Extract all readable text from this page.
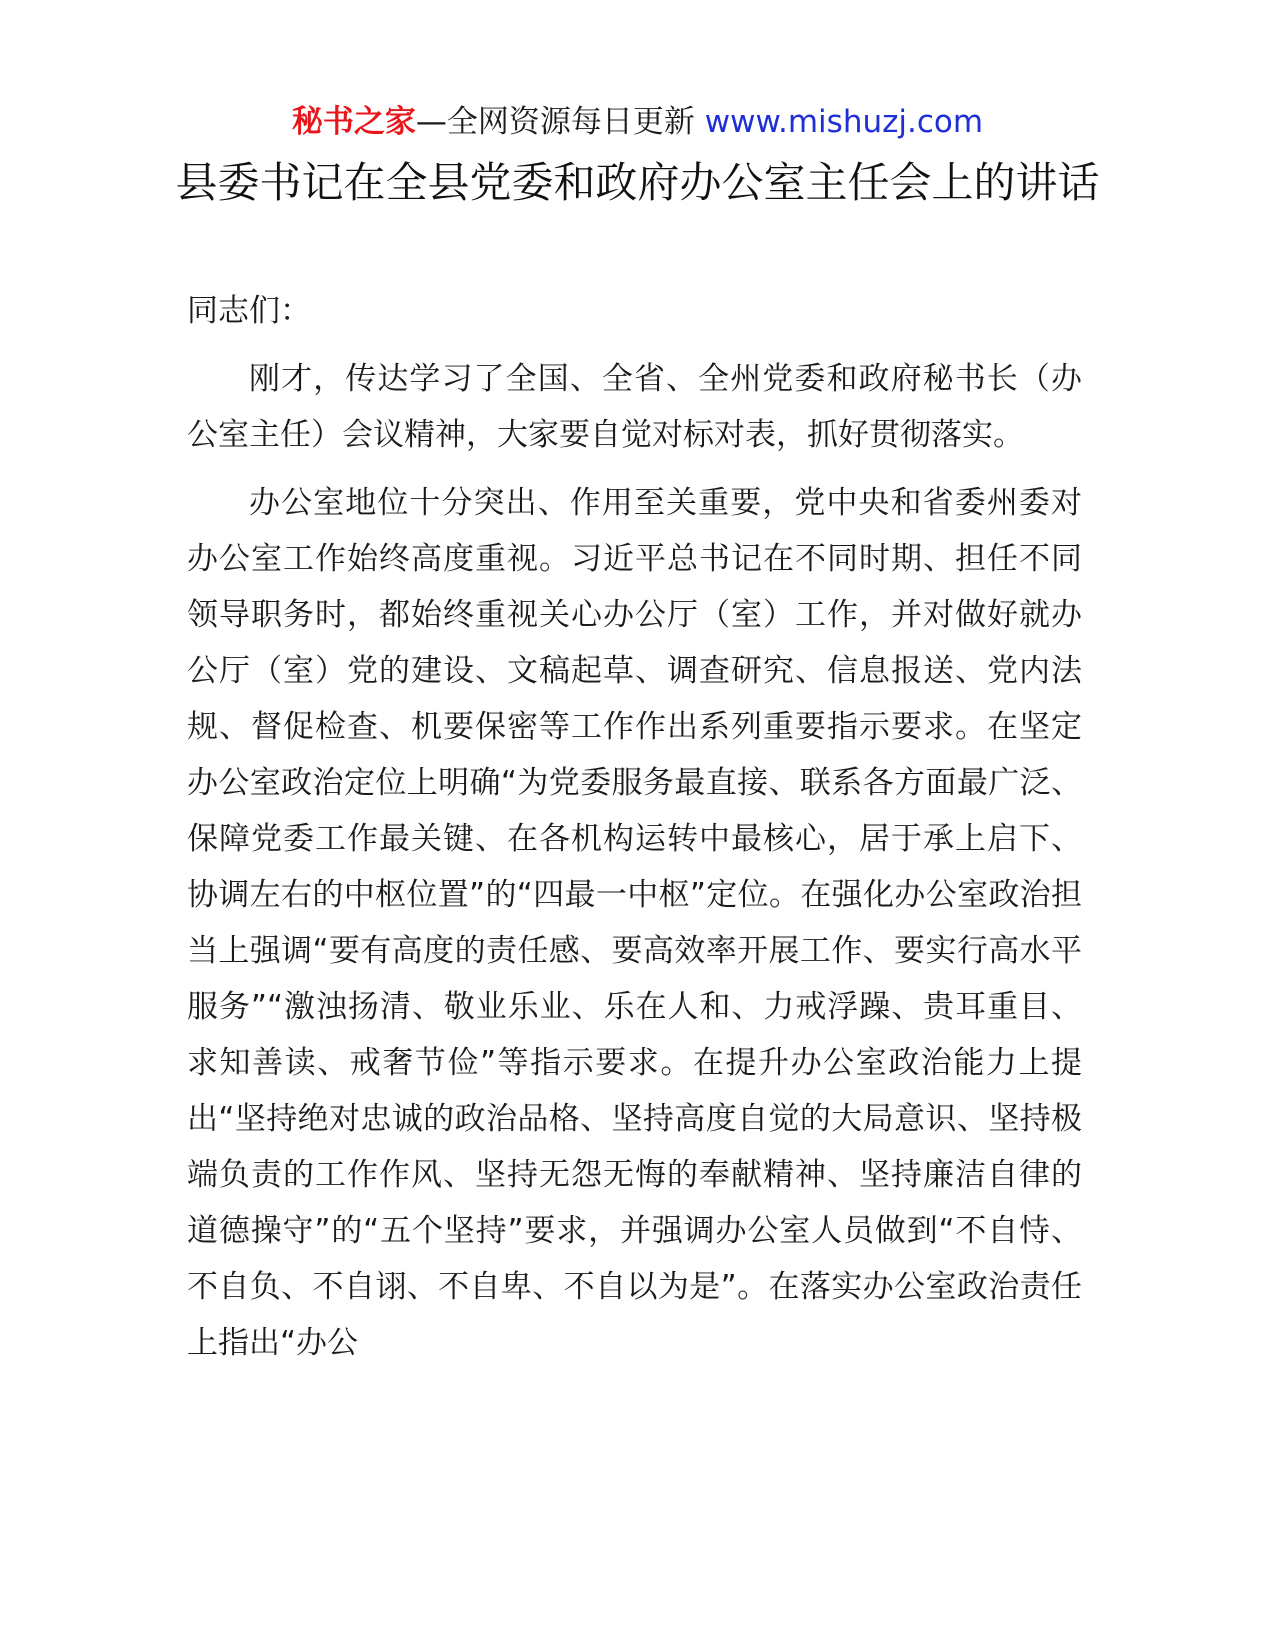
秘书之家—全网资源每日更新 www.mishuzj.com
县委书记在全县党委和政府办公室主任会上的讲话

同志们：

刚才，传达学习了全国、全省、全州党委和政府秘书长（办公室主任）会议精神，大家要自觉对标对表，抓好贯彻落实。

办公室地位十分突出、作用至关重要，党中央和省委州委对办公室工作始终高度重视。习近平总书记在不同时期、担任不同领导职务时，都始终重视关心办公厅（室）工作，并对做好就办公厅（室）党的建设、文稿起草、调查研究、信息报送、党内法规、督促检查、机要保密等工作作出系列重要指示要求。在坚定办公室政治定位上明确“为党委服务最直接、联系各方面最广泛、保障党委工作最关键、在各机构运转中最核心，居于承上启下、协调左右的中枢位置”的“四最一中枢”定位。在强化办公室政治担当上强调“要有高度的责任感、要高效率开展工作、要实行高水平服务”“激浊扬清、敬业乐业、乐在人和、力戒浮躁、贵耳重目、求知善读、戒奢节俭”等指示要求。在提升办公室政治能力上提出“坚持绝对忠诚的政治品格、坚持高度自觉的大局意识、坚持极端负责的工作作风、坚持无怨无悔的奉献精神、坚持廉洁自律的道德操守”的“五个坚持”要求，并强调办公室人员做到“不自恃、不自负、不自诩、不自卑、不自以为是”。在落实办公室政治责任上指出“办公
